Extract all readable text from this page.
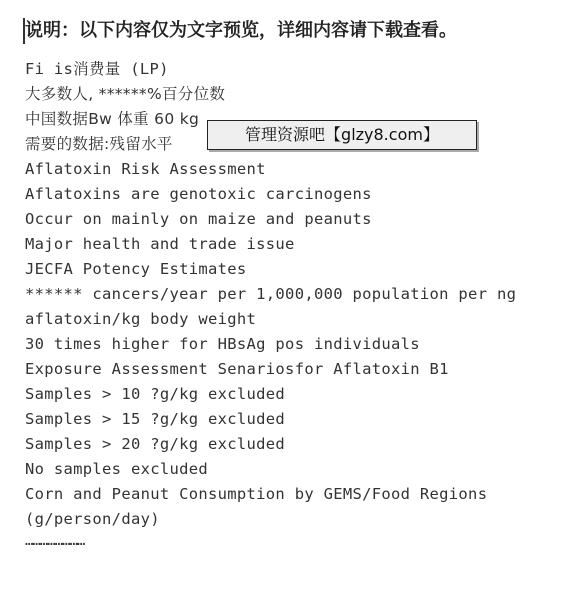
说明：以下内容仅为文字预览，详细内容请下载查看。
Fi is消费量 (LP)
大多数人, ******%百分位数
中国数据Bw 体重 60 kg
需要的数据:残留水平
Aflatoxin Risk Assessment
Aflatoxins are genotoxic carcinogens
Occur on mainly on maize and peanuts
Major health and trade issue
JECFA Potency Estimates
****** cancers/year per 1,000,000 population per ng
aflatoxin/kg body weight
30 times higher for HBsAg pos individuals
Exposure Assessment Senariosfor Aflatoxin B1
Samples > 10 ?g/kg excluded
Samples > 15 ?g/kg excluded
Samples > 20 ?g/kg excluded
No samples excluded
Corn and Peanut Consumption by GEMS/Food Regions
(g/person/day)
……………………
管理资源吧【glzy8.com】
